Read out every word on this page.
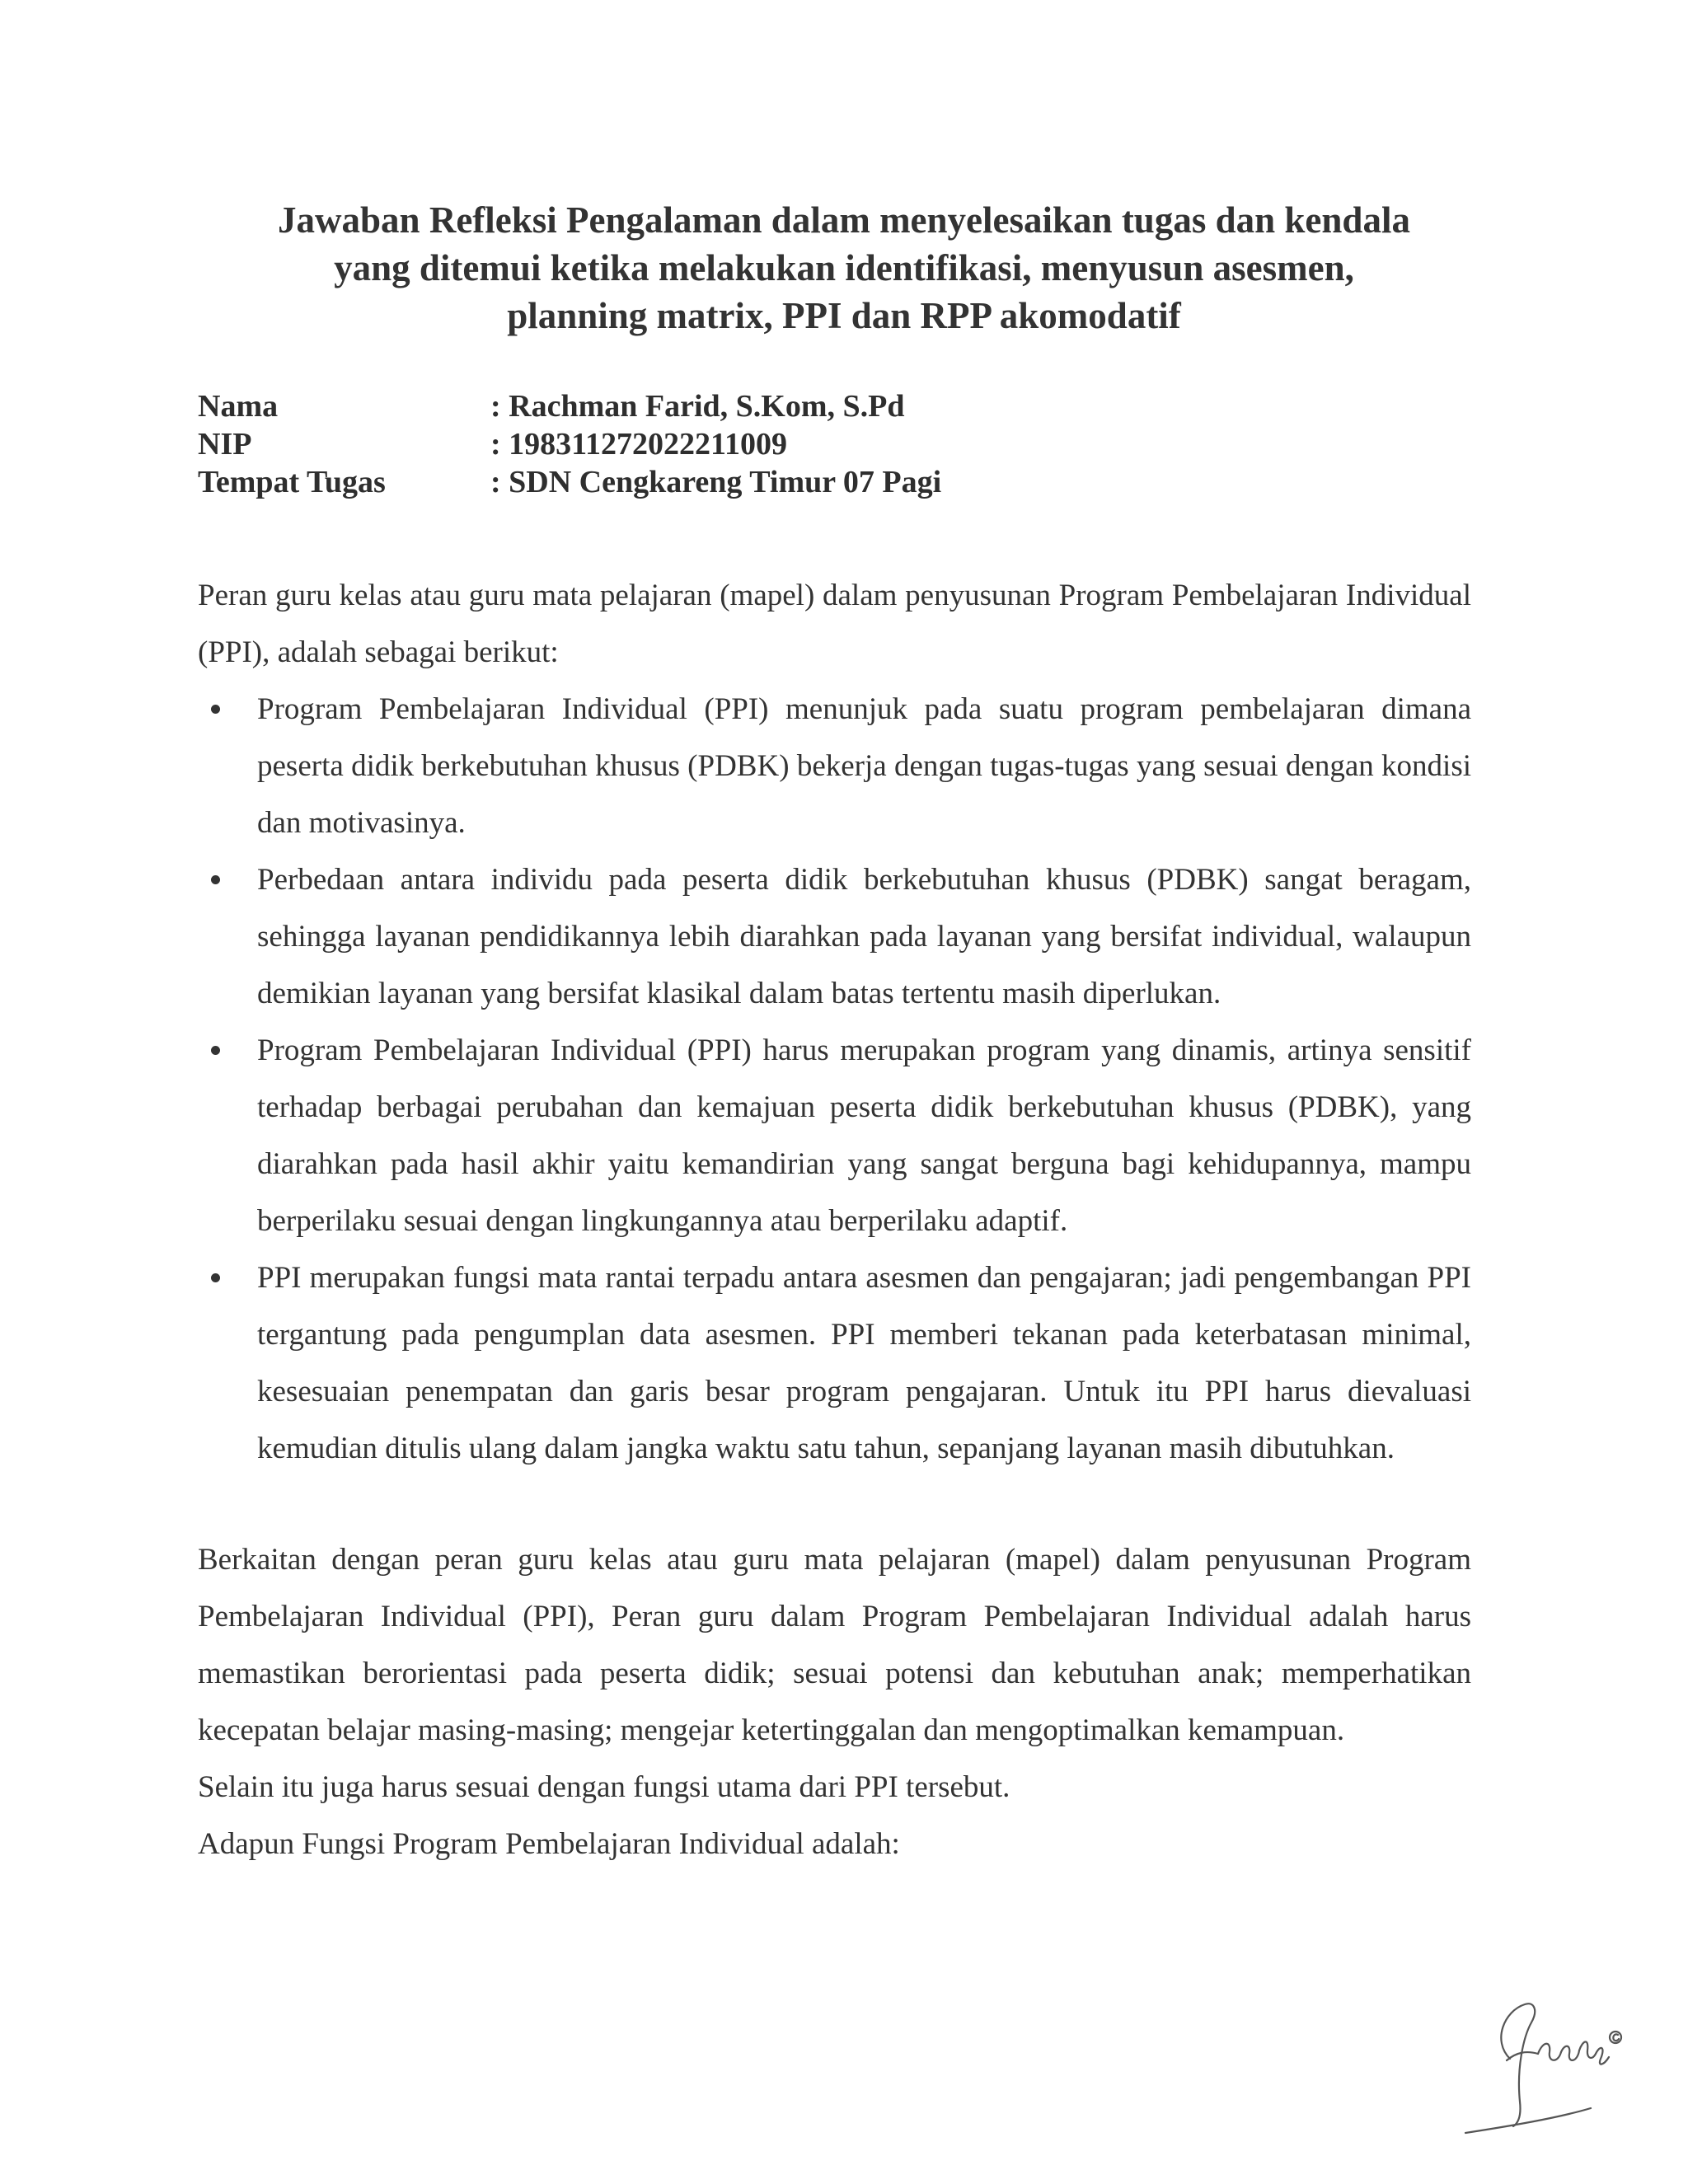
Jawaban Refleksi Pengalaman dalam menyelesaikan tugas dan kendala
yang ditemui ketika melakukan identifikasi, menyusun asesmen,
planning matrix, PPI dan RPP akomodatif
Nama	: Rachman Farid, S.Kom, S.Pd
NIP	: 198311272022211009
Tempat Tugas	: SDN Cengkareng Timur 07 Pagi

Peran guru kelas atau guru mata pelajaran (mapel) dalam penyusunan Program Pembelajaran Individual (PPI), adalah sebagai berikut:

Program Pembelajaran Individual (PPI) menunjuk pada suatu program pembelajaran dimana peserta didik berkebutuhan khusus (PDBK) bekerja dengan tugas-tugas yang sesuai dengan kondisi dan motivasinya.
Perbedaan antara individu pada peserta didik berkebutuhan khusus (PDBK) sangat beragam, sehingga layanan pendidikannya lebih diarahkan pada layanan yang bersifat individual, walaupun demikian layanan yang bersifat klasikal dalam batas tertentu masih diperlukan.
Program Pembelajaran Individual (PPI) harus merupakan program yang dinamis, artinya sensitif terhadap berbagai perubahan dan kemajuan peserta didik berkebutuhan khusus (PDBK), yang diarahkan pada hasil akhir yaitu kemandirian yang sangat berguna bagi kehidupannya, mampu berperilaku sesuai dengan lingkungannya atau berperilaku adaptif.
PPI merupakan fungsi mata rantai terpadu antara asesmen dan pengajaran; jadi pengembangan PPI tergantung pada pengumplan data asesmen. PPI memberi tekanan pada keterbatasan minimal, kesesuaian penempatan dan garis besar program pengajaran. Untuk itu PPI harus dievaluasi kemudian ditulis ulang dalam jangka waktu satu tahun, sepanjang layanan masih dibutuhkan.

Berkaitan dengan peran guru kelas atau guru mata pelajaran (mapel) dalam penyusunan Program Pembelajaran Individual (PPI), Peran guru dalam Program Pembelajaran Individual adalah harus memastikan berorientasi pada peserta didik; sesuai potensi dan kebutuhan anak; memperhatikan kecepatan belajar masing-masing; mengejar ketertinggalan dan mengoptimalkan kemampuan.

Selain itu juga harus sesuai dengan fungsi utama dari PPI tersebut.

Adapun Fungsi Program Pembelajaran Individual adalah:
